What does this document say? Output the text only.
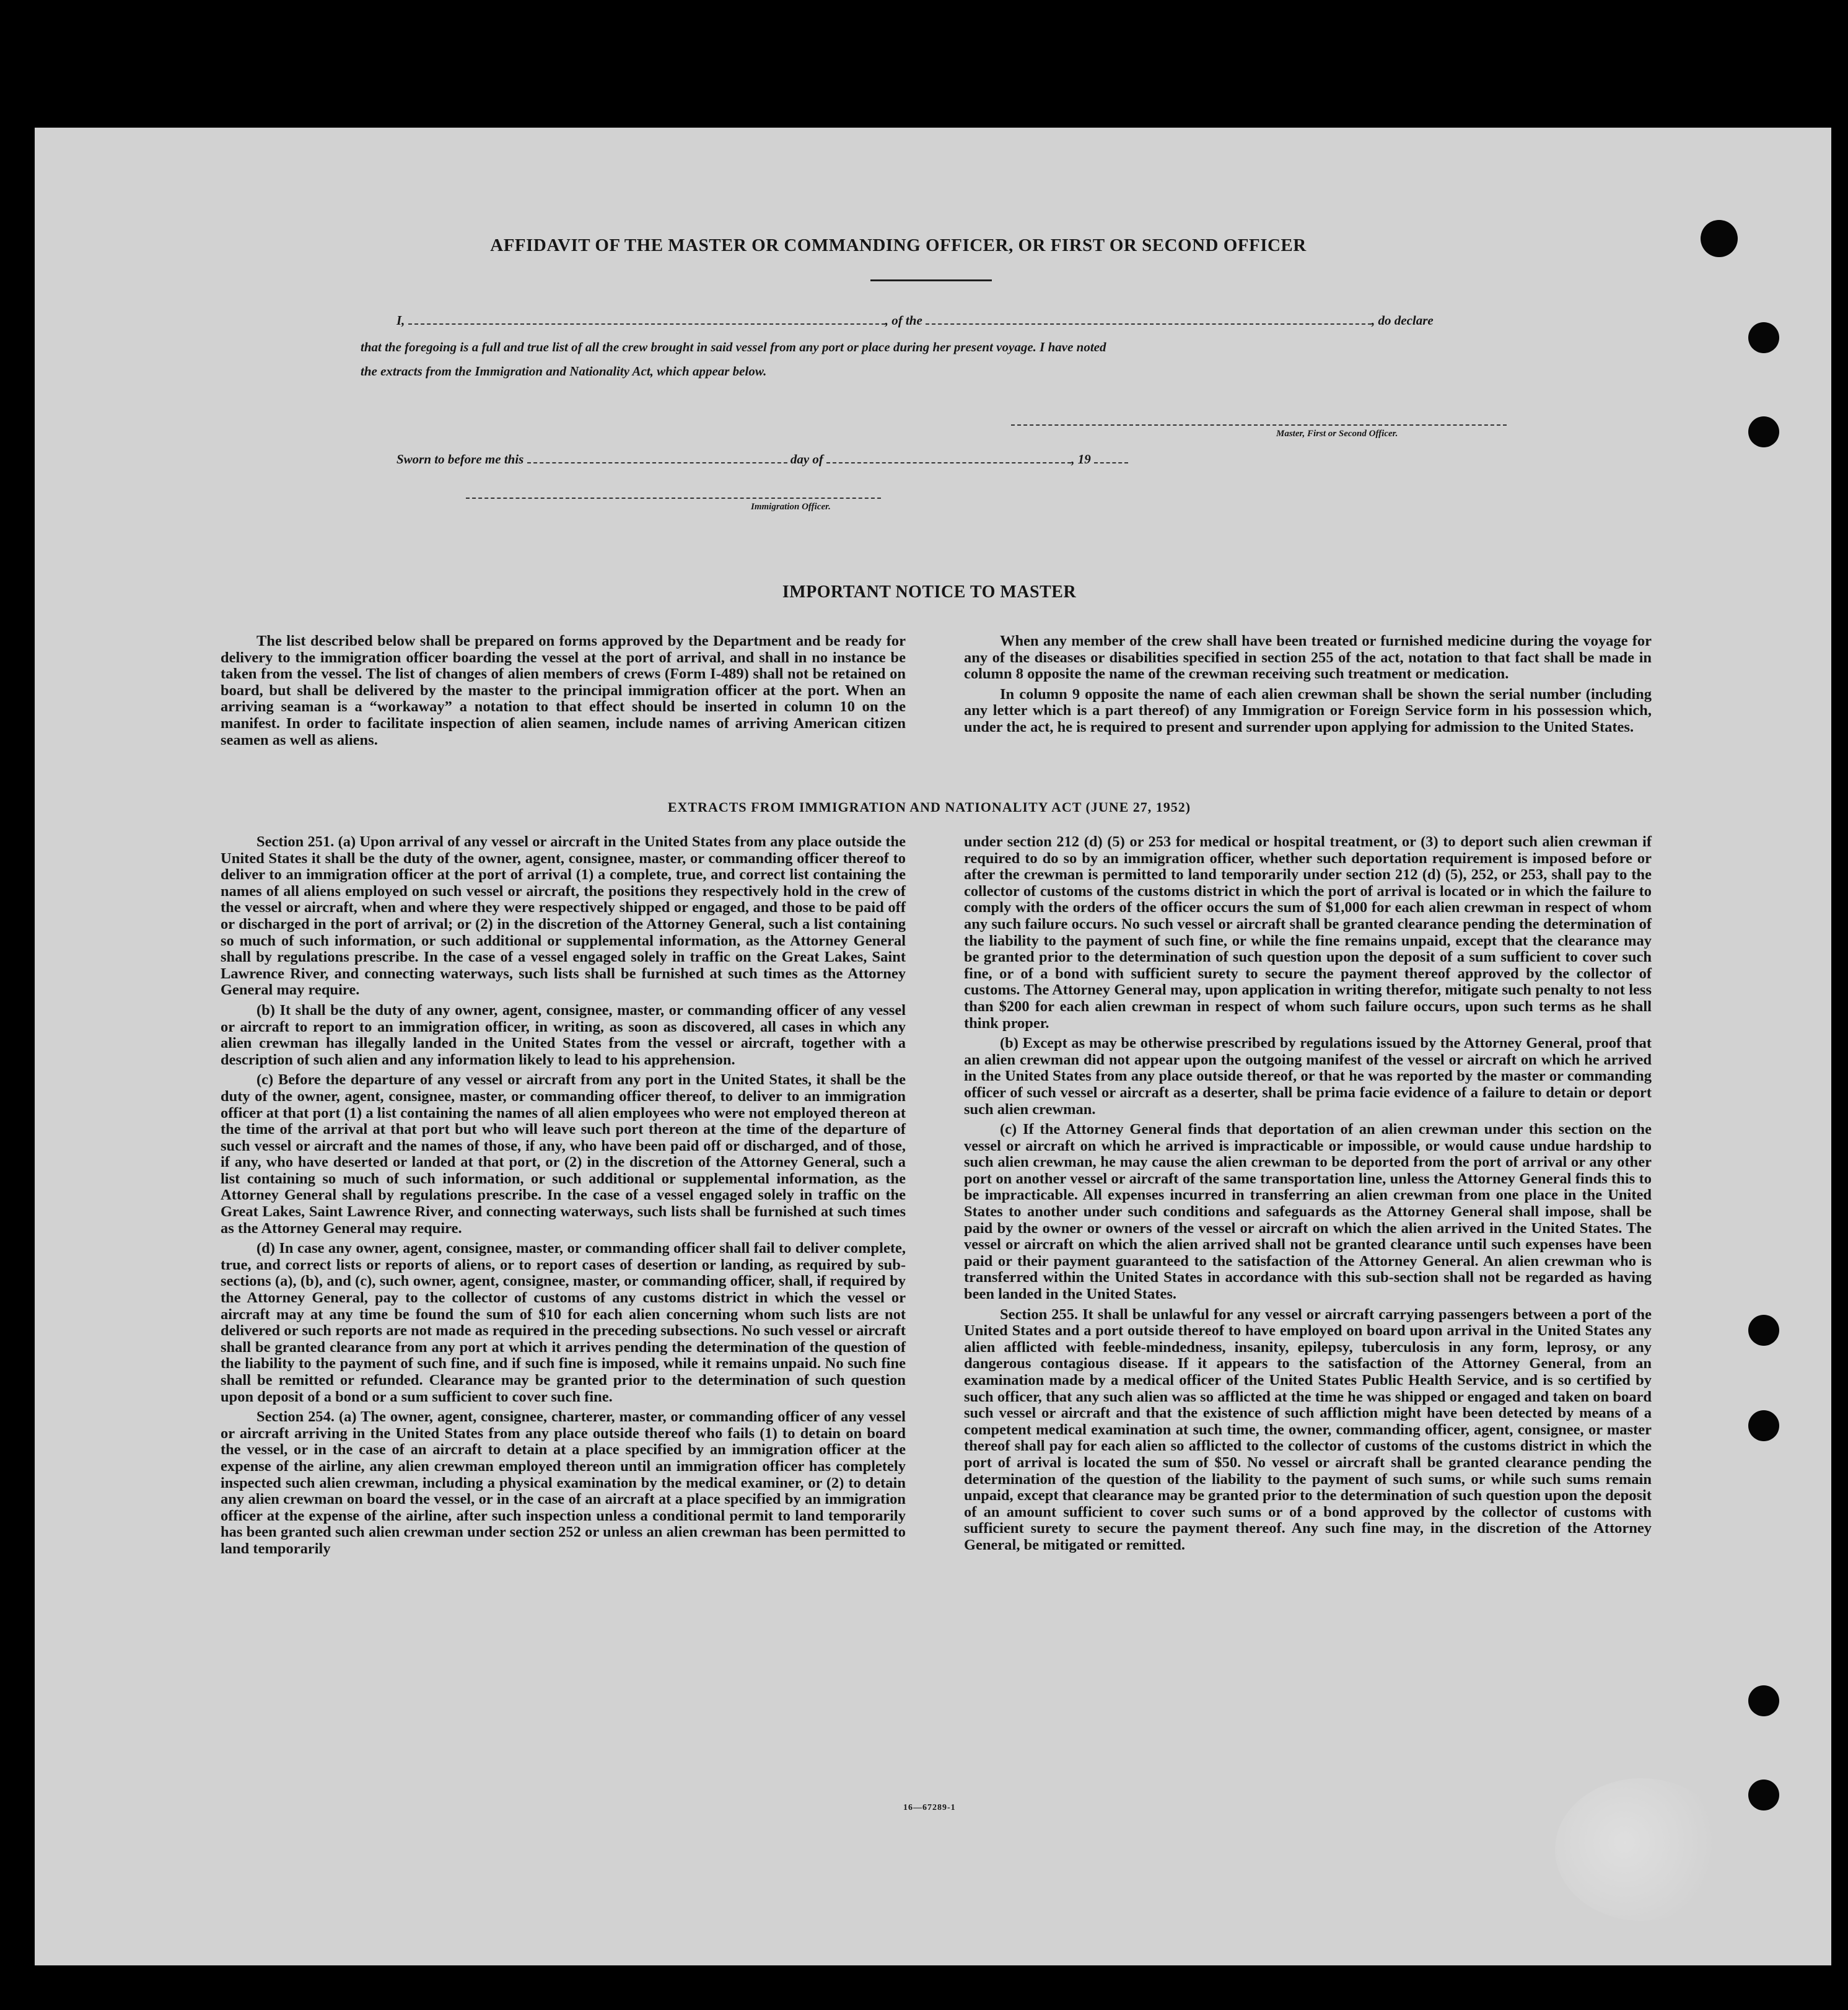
AFFIDAVIT OF THE MASTER OR COMMANDING OFFICER, OR FIRST OR SECOND OFFICER
I,	, of the	, do declare
that the foregoing is a full and true list of all the crew brought in said vessel from any port or place during her present voyage. I have noted
the extracts from the Immigration and Nationality Act, which appear below.
Master, First or Second Officer.
Sworn to before me this	day of	, 19
Immigration Officer.
IMPORTANT NOTICE TO MASTER

The list described below shall be prepared on forms approved by the Department and be ready for delivery to the immigration officer boarding the vessel at the port of arrival, and shall in no instance be taken from the vessel. The list of changes of alien members of crews (Form I-489) shall not be retained on board, but shall be delivered by the master to the principal immigration officer at the port. When an arriving seaman is a “workaway” a notation to that effect should be inserted in column 10 on the manifest. In order to facilitate inspection of alien seamen, include names of arriving American citizen seamen as well as aliens.

When any member of the crew shall have been treated or furnished medicine during the voyage for any of the diseases or disabilities specified in section 255 of the act, notation to that fact shall be made in column 8 opposite the name of the crewman receiving such treatment or medication.

In column 9 opposite the name of each alien crewman shall be shown the serial number (including any letter which is a part thereof) of any Immigration or Foreign Service form in his possession which, under the act, he is required to present and surrender upon applying for admission to the United States.

EXTRACTS FROM IMMIGRATION AND NATIONALITY ACT (JUNE 27, 1952)

Section 251. (a) Upon arrival of any vessel or aircraft in the United States from any place outside the United States it shall be the duty of the owner, agent, consignee, master, or commanding officer thereof to deliver to an immigration officer at the port of arrival (1) a complete, true, and correct list containing the names of all aliens employed on such vessel or aircraft, the positions they respectively hold in the crew of the vessel or aircraft, when and where they were respectively shipped or engaged, and those to be paid off or discharged in the port of arrival; or (2) in the discretion of the Attorney General, such a list containing so much of such information, or such additional or supplemental information, as the Attorney General shall by regulations prescribe. In the case of a vessel engaged solely in traffic on the Great Lakes, Saint Lawrence River, and connecting waterways, such lists shall be furnished at such times as the Attorney General may require.

(b) It shall be the duty of any owner, agent, consignee, master, or commanding officer of any vessel or aircraft to report to an immigration officer, in writing, as soon as discovered, all cases in which any alien crewman has illegally landed in the United States from the vessel or aircraft, together with a description of such alien and any information likely to lead to his apprehension.

(c) Before the departure of any vessel or aircraft from any port in the United States, it shall be the duty of the owner, agent, consignee, master, or commanding officer thereof, to deliver to an immigration officer at that port (1) a list containing the names of all alien employees who were not employed thereon at the time of the arrival at that port but who will leave such port thereon at the time of the departure of such vessel or aircraft and the names of those, if any, who have been paid off or discharged, and of those, if any, who have deserted or landed at that port, or (2) in the discretion of the Attorney General, such a list containing so much of such information, or such additional or supplemental information, as the Attorney General shall by regulations prescribe. In the case of a vessel engaged solely in traffic on the Great Lakes, Saint Lawrence River, and connecting waterways, such lists shall be furnished at such times as the Attorney General may require.

(d) In case any owner, agent, consignee, master, or commanding officer shall fail to deliver complete, true, and correct lists or reports of aliens, or to report cases of desertion or landing, as required by sub-sections (a), (b), and (c), such owner, agent, consignee, master, or commanding officer, shall, if required by the Attorney General, pay to the collector of customs of any customs district in which the vessel or aircraft may at any time be found the sum of $10 for each alien concerning whom such lists are not delivered or such reports are not made as required in the preceding subsections. No such vessel or aircraft shall be granted clearance from any port at which it arrives pending the determination of the question of the liability to the payment of such fine, and if such fine is imposed, while it remains unpaid. No such fine shall be remitted or refunded. Clearance may be granted prior to the determination of such question upon deposit of a bond or a sum sufficient to cover such fine.

Section 254. (a) The owner, agent, consignee, charterer, master, or commanding officer of any vessel or aircraft arriving in the United States from any place outside thereof who fails (1) to detain on board the vessel, or in the case of an aircraft to detain at a place specified by an immigration officer at the expense of the airline, any alien crewman employed thereon until an immigration officer has completely inspected such alien crewman, including a physical examination by the medical examiner, or (2) to detain any alien crewman on board the vessel, or in the case of an aircraft at a place specified by an immigration officer at the expense of the airline, after such inspection unless a conditional permit to land temporarily has been granted such alien crewman under section 252 or unless an alien crewman has been permitted to land temporarily

under section 212 (d) (5) or 253 for medical or hospital treatment, or (3) to deport such alien crewman if required to do so by an immigration officer, whether such deportation requirement is imposed before or after the crewman is permitted to land temporarily under section 212 (d) (5), 252, or 253, shall pay to the collector of customs of the customs district in which the port of arrival is located or in which the failure to comply with the orders of the officer occurs the sum of $1,000 for each alien crewman in respect of whom any such failure occurs. No such vessel or aircraft shall be granted clearance pending the determination of the liability to the payment of such fine, or while the fine remains unpaid, except that the clearance may be granted prior to the determination of such question upon the deposit of a sum sufficient to cover such fine, or of a bond with sufficient surety to secure the payment thereof approved by the collector of customs. The Attorney General may, upon application in writing therefor, mitigate such penalty to not less than $200 for each alien crewman in respect of whom such failure occurs, upon such terms as he shall think proper.

(b) Except as may be otherwise prescribed by regulations issued by the Attorney General, proof that an alien crewman did not appear upon the outgoing manifest of the vessel or aircraft on which he arrived in the United States from any place outside thereof, or that he was reported by the master or commanding officer of such vessel or aircraft as a deserter, shall be prima facie evidence of a failure to detain or deport such alien crewman.

(c) If the Attorney General finds that deportation of an alien crewman under this section on the vessel or aircraft on which he arrived is impracticable or impossible, or would cause undue hardship to such alien crewman, he may cause the alien crewman to be deported from the port of arrival or any other port on another vessel or aircraft of the same transportation line, unless the Attorney General finds this to be impracticable. All expenses incurred in transferring an alien crewman from one place in the United States to another under such conditions and safeguards as the Attorney General shall impose, shall be paid by the owner or owners of the vessel or aircraft on which the alien arrived in the United States. The vessel or aircraft on which the alien arrived shall not be granted clearance until such expenses have been paid or their payment guaranteed to the satisfaction of the Attorney General. An alien crewman who is transferred within the United States in accordance with this sub-section shall not be regarded as having been landed in the United States.

Section 255. It shall be unlawful for any vessel or aircraft carrying passengers between a port of the United States and a port outside thereof to have employed on board upon arrival in the United States any alien afflicted with feeble-mindedness, insanity, epilepsy, tuberculosis in any form, leprosy, or any dangerous contagious disease. If it appears to the satisfaction of the Attorney General, from an examination made by a medical officer of the United States Public Health Service, and is so certified by such officer, that any such alien was so afflicted at the time he was shipped or engaged and taken on board such vessel or aircraft and that the existence of such affliction might have been detected by means of a competent medical examination at such time, the owner, commanding officer, agent, consignee, or master thereof shall pay for each alien so afflicted to the collector of customs of the customs district in which the port of arrival is located the sum of $50. No vessel or aircraft shall be granted clearance pending the determination of the question of the liability to the payment of such sums, or while such sums remain unpaid, except that clearance may be granted prior to the determination of such question upon the deposit of an amount sufficient to cover such sums or of a bond approved by the collector of customs with sufficient surety to secure the payment thereof. Any such fine may, in the discretion of the Attorney General, be mitigated or remitted.

16—67289-1
